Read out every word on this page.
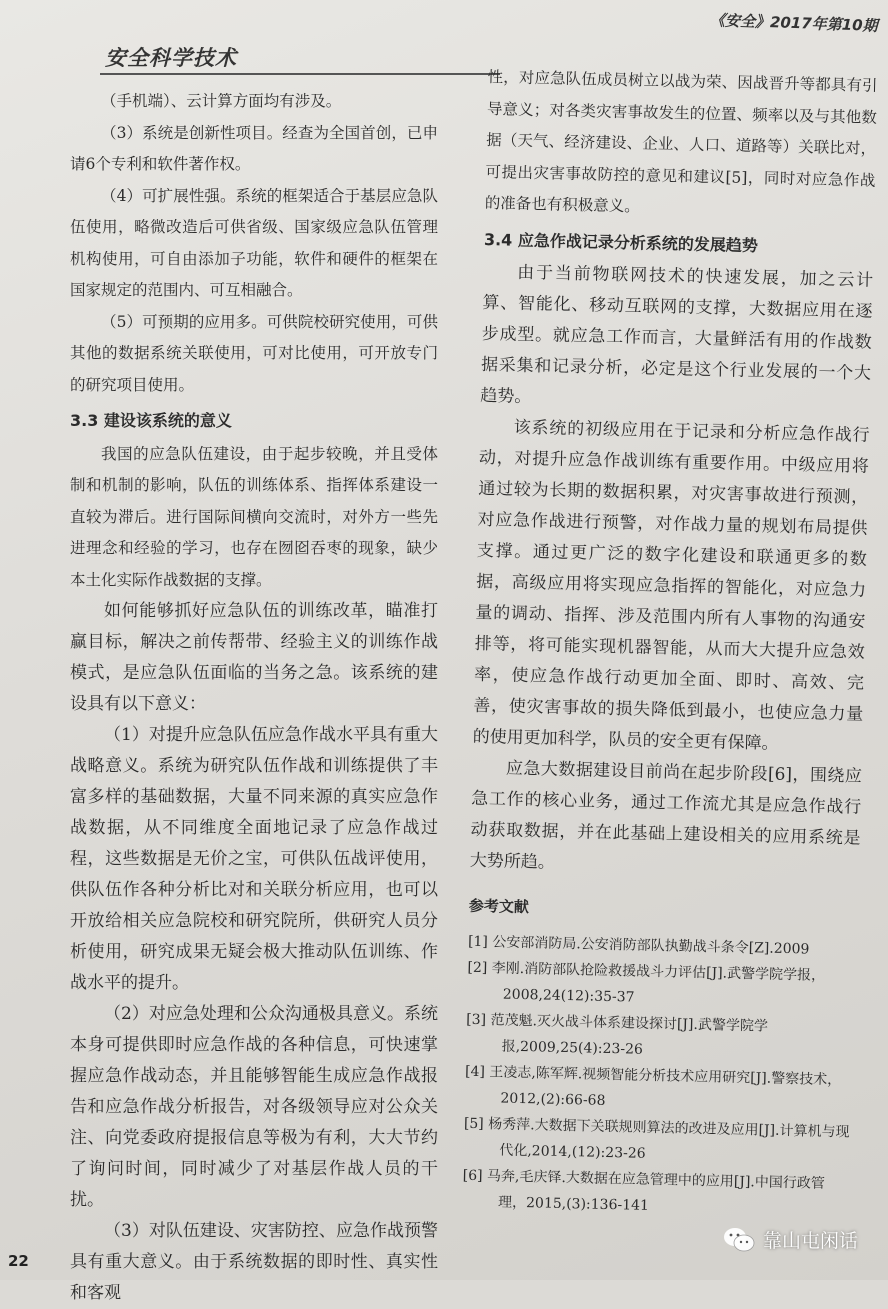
安全科学技术
《安全》2017年第10期

（手机端）、云计算方面均有涉及。

（3）系统是创新性项目。经查为全国首创，已申请6个专利和软件著作权。

（4）可扩展性强。系统的框架适合于基层应急队伍使用，略微改造后可供省级、国家级应急队伍管理机构使用，可自由添加子功能，软件和硬件的框架在国家规定的范围内、可互相融合。

（5）可预期的应用多。可供院校研究使用，可供其他的数据系统关联使用，可对比使用，可开放专门的研究项目使用。

3.3 建设该系统的意义

我国的应急队伍建设，由于起步较晚，并且受体制和机制的影响，队伍的训练体系、指挥体系建设一直较为滞后。进行国际间横向交流时，对外方一些先进理念和经验的学习，也存在囫囵吞枣的现象，缺少本土化实际作战数据的支撑。

如何能够抓好应急队伍的训练改革，瞄准打赢目标，解决之前传帮带、经验主义的训练作战模式，是应急队伍面临的当务之急。该系统的建设具有以下意义：

（1）对提升应急队伍应急作战水平具有重大战略意义。系统为研究队伍作战和训练提供了丰富多样的基础数据，大量不同来源的真实应急作战数据，从不同维度全面地记录了应急作战过程，这些数据是无价之宝，可供队伍战评使用，供队伍作各种分析比对和关联分析应用，也可以开放给相关应急院校和研究院所，供研究人员分析使用，研究成果无疑会极大推动队伍训练、作战水平的提升。

（2）对应急处理和公众沟通极具意义。系统本身可提供即时应急作战的各种信息，可快速掌握应急作战动态，并且能够智能生成应急作战报告和应急作战分析报告，对各级领导应对公众关注、向党委政府提报信息等极为有利，大大节约了询问时间，同时减少了对基层作战人员的干扰。

（3）对队伍建设、灾害防控、应急作战预警具有重大意义。由于系统数据的即时性、真实性和客观

性，对应急队伍成员树立以战为荣、因战晋升等都具有引导意义；对各类灾害事故发生的位置、频率以及与其他数据（天气、经济建设、企业、人口、道路等）关联比对，可提出灾害事故防控的意见和建议[5]，同时对应急作战的准备也有积极意义。

3.4 应急作战记录分析系统的发展趋势

由于当前物联网技术的快速发展，加之云计算、智能化、移动互联网的支撑，大数据应用在逐步成型。就应急工作而言，大量鲜活有用的作战数据采集和记录分析，必定是这个行业发展的一个大趋势。

该系统的初级应用在于记录和分析应急作战行动，对提升应急作战训练有重要作用。中级应用将通过较为长期的数据积累，对灾害事故进行预测，对应急作战进行预警，对作战力量的规划布局提供支撑。通过更广泛的数字化建设和联通更多的数据，高级应用将实现应急指挥的智能化，对应急力量的调动、指挥、涉及范围内所有人事物的沟通安排等，将可能实现机器智能，从而大大提升应急效率，使应急作战行动更加全面、即时、高效、完善，使灾害事故的损失降低到最小，也使应急力量的使用更加科学，队员的安全更有保障。

应急大数据建设目前尚在起步阶段[6]，围绕应急工作的核心业务，通过工作流尤其是应急作战行动获取数据，并在此基础上建设相关的应用系统是大势所趋。

参考文献
[1] 公安部消防局.公安消防部队执勤战斗条令[Z].2009
[2] 李刚.消防部队抢险救援战斗力评估[J].武警学院学报，2008,24(12):35-37
[3] 范茂魁.灭火战斗体系建设探讨[J].武警学院学报,2009,25(4):23-26
[4] 王凌志,陈军辉.视频智能分析技术应用研究[J].警察技术，2012,(2):66-68
[5] 杨秀萍.大数据下关联规则算法的改进及应用[J].计算机与现代化,2014,(12):23-26
[6] 马奔,毛庆铎.大数据在应急管理中的应用[J].中国行政管理，2015,(3):136-141
22
靠山屯闲话
